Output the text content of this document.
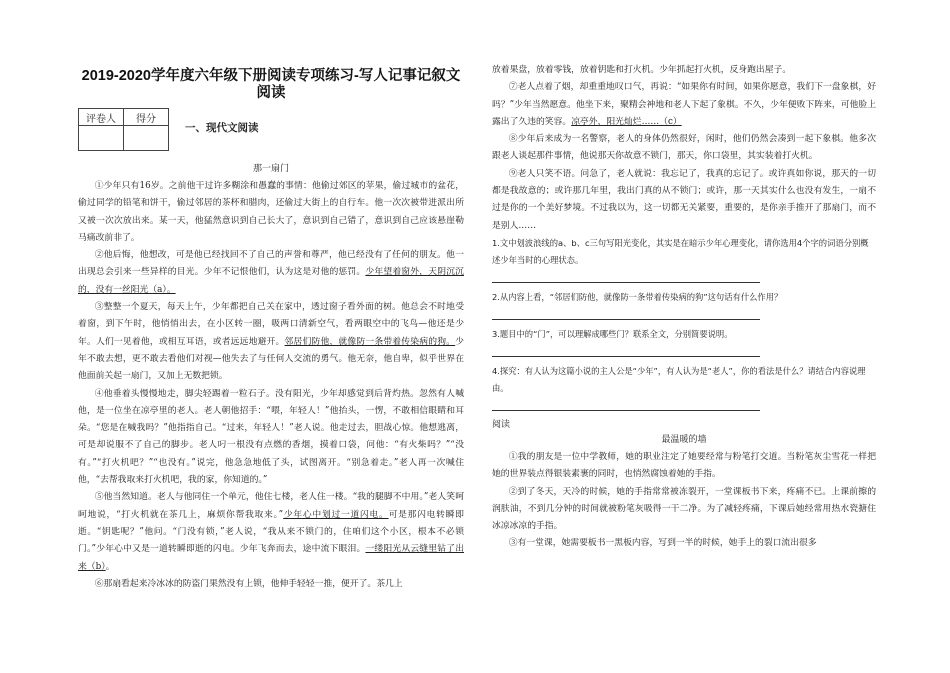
2019-2020学年度六年级下册阅读专项练习-写人记事记叙文
阅读
评卷人	得分

一、现代文阅读
那一扇门

①少年只有16岁。之前他干过许多糊涂和愚蠢的事情：他偷过郊区的苹果，偷过城市的盆花，偷过同学的铅笔和饼干，偷过邻居的茶杯和腊肉，还偷过大街上的自行车。他一次次被带进派出所又被一次次放出来。某一天，他猛然意识到自己长大了，意识到自己错了，意识到自己应该悬崖勒马痛改前非了。

②他后悔，他想改，可是他已经找回不了自己的声誉和尊严，他已经没有了任何的朋友。他一出现总会引来一些异样的目光。少年不记恨他们，认为这是对他的惩罚。少年望着窗外，天阴沉沉的，没有一丝阳光（a）。

③整整一个夏天，每天上午，少年都把自己关在家中，透过窗子看外面的树。他总会不时地受着窗，到下午时，他悄悄出去，在小区转一圈，吸两口清新空气，看两眼空中的飞鸟—他还是少年。人们一见着他，或相互耳语，或者远远地避开。邻居们防他，就像防一条带着传染病的狗。少年不敢去想，更不敢去看他们对视—他失去了与任何人交流的勇气。他无奈，他自卑，似乎世界在他面前关起一扇门，又加上无数把锁。

④他垂着头慢慢地走，脚尖轻踢着一粒石子。没有阳光，少年却感觉到后背灼热。忽然有人喊他，是一位坐在凉亭里的老人。老人朝他招手：“喂，年轻人！”他抬头，一愣，不敢相信眼睛和耳朵。“您是在喊我吗？”他指指自己。“过来，年轻人！”老人说。他走过去，胆战心惊。他想逃离，可是却说服不了自己的脚步。老人叼一根没有点燃的香烟，摸着口袋，问他：“有火柴吗？”“没有。”“打火机吧？”“也没有。”说完，他急急地低了头，试图离开。“别急着走。”老人再一次喊住他，“去帮我取来打火机吧，我的家，你知道的。”

⑤他当然知道。老人与他同住一个单元，他住七楼，老人住一楼。“我的腿脚不中用。”老人笑呵呵地说，“打火机就在茶几上，麻烦你帮我取来。”少年心中划过一道闪电。可是那闪电转瞬即逝。“钥匙呢？”他问。“门没有锁，”老人说，“我从来不锁门的，住咱们这个小区，根本不必锁门。”少年心中又是一道转瞬即逝的闪电。少年飞奔而去，途中流下眼泪。一缕阳光从云缝里钻了出来（b）。

⑥那扇看起来冷冰冰的防盗门果然没有上锁，他伸手轻轻一推，便开了。茶几上

放着果盘，放着零钱，放着钥匙和打火机。少年抓起打火机，反身跑出屋子。

⑦老人点着了烟，却重重地叹口气，再说：“如果你有时间，如果你愿意，我们下一盘象棋，好吗？”少年当然愿意。他坐下来，聚精会神地和老人下起了象棋。不久，少年便败下阵来，可他脸上露出了久违的笑容。凉亭外，阳光灿烂……（c）

⑧少年后来成为一名警察，老人的身体仍然很好，闲时，他们仍然会凑到一起下象棋。他多次跟老人谈起那件事情，他说那天你故意不锁门，那天，你口袋里，其实装着打火机。

⑨老人只笑不语。问急了，老人就说：我忘记了，我真的忘记了。或许真如你说，那天的一切都是我故意的；或许那几年里，我出门真的从不锁门；或许，那一天其实什么也没有发生，一扇不过是你的一个美好梦境。不过我以为，这一切都无关紧要，重要的，是你亲手推开了那扇门，而不是别人……

1.文中划波浪线的a、b、c三句写阳光变化，其实是在暗示少年心理变化，请你选用4个字的词语分别概述少年当时的心理状态。

2.从内容上看，“邻居们防他，就像防一条带着传染病的狗”这句话有什么作用？

3.题目中的“门”，可以理解成哪些门？联系全文，分别简要说明。

4.探究：有人认为这篇小说的主人公是“少年”，有人认为是“老人”，你的看法是什么？请结合内容说理由。

阅读
最温暖的墙

①我的朋友是一位中学教师，她的职业注定了她要经常与粉笔打交道。当粉笔灰尘雪花一样把她的世界装点得银装素裹的同时，也悄然腐蚀着她的手指。

②到了冬天，天冷的时候，她的手指常常被冻裂开，一堂课板书下来，疼痛不已。上课前擦的润肤油，不到几分钟的时间就被粉笔灰吸得一干二净。为了减轻疼痛，下课后她经常用热水瓷搪住冰凉冰凉的手指。

③有一堂课，她需要板书一黑板内容，写到一半的时候，她手上的裂口流出很多
